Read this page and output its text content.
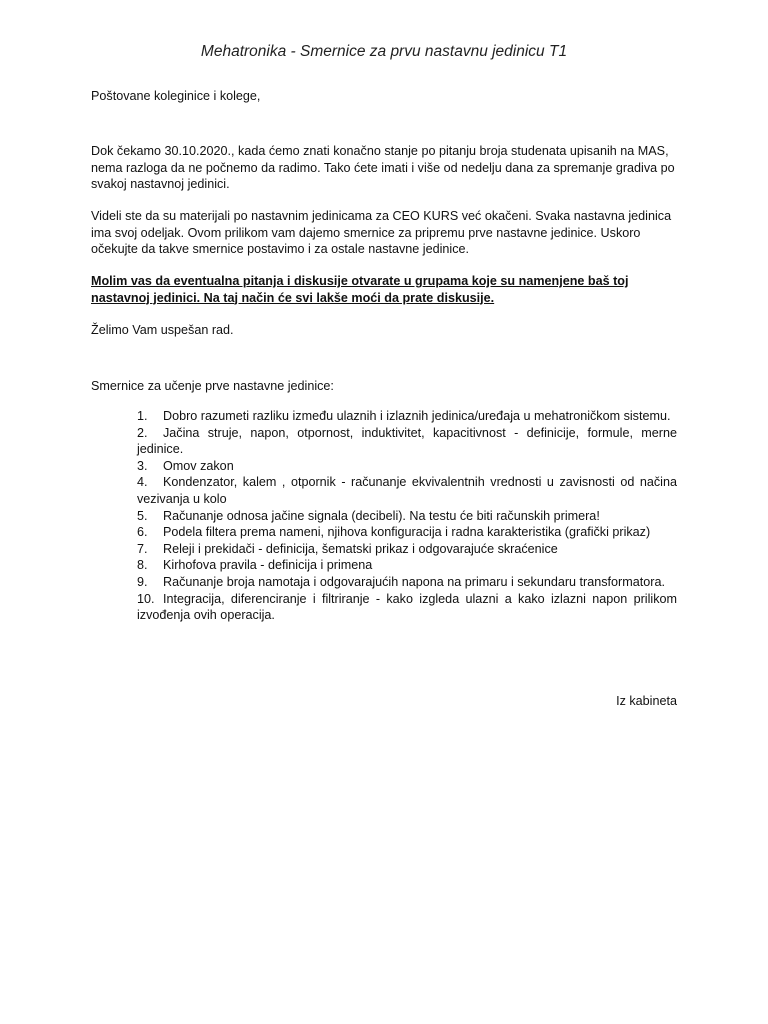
Mehatronika - Smernice za prvu nastavnu jedinicu T1
Poštovane koleginice i kolege,
Dok čekamo 30.10.2020., kada ćemo znati konačno stanje po pitanju broja studenata upisanih na MAS, nema razloga da ne počnemo da radimo. Tako ćete imati i više od nedelju dana za spremanje gradiva po svakoj nastavnoj jedinici.
Videli ste da su materijali po nastavnim jedinicama za CEO KURS već okačeni. Svaka nastavna jedinica ima svoj odeljak. Ovom prilikom vam dajemo smernice za pripremu prve nastavne jedinice. Uskoro očekujte da takve smernice postavimo i za ostale nastavne jedinice.
Molim vas da eventualna pitanja i diskusije otvarate u grupama koje su namenjene baš toj nastavnoj jedinici. Na taj način će svi lakše moći da prate diskusije.
Želimo Vam uspešan rad.
Smernice za učenje prve nastavne jedinice:
1. Dobro razumeti razliku između ulaznih i izlaznih jedinica/uređaja u mehatroničkom sistemu.
2. Jačina struje, napon, otpornost, induktivitet, kapacitivnost - definicije, formule, merne jedinice.
3. Omov zakon
4. Kondenzator, kalem , otpornik - računanje ekvivalentnih vrednosti u zavisnosti od načina vezivanja u kolo
5. Računanje odnosa jačine signala (decibeli). Na testu će biti računskih primera!
6. Podela filtera prema nameni, njihova konfiguracija i radna karakteristika (grafički prikaz)
7. Releji i prekidači - definicija, šematski prikaz i odgovarajuće skraćenice
8. Kirhofova pravila - definicija i primena
9. Računanje broja namotaja i odgovarajućih napona na primaru i sekundaru transformatora.
10. Integracija, diferenciranje i filtriranje - kako izgleda ulazni a kako izlazni napon prilikom izvođenja ovih operacija.
Iz kabineta
